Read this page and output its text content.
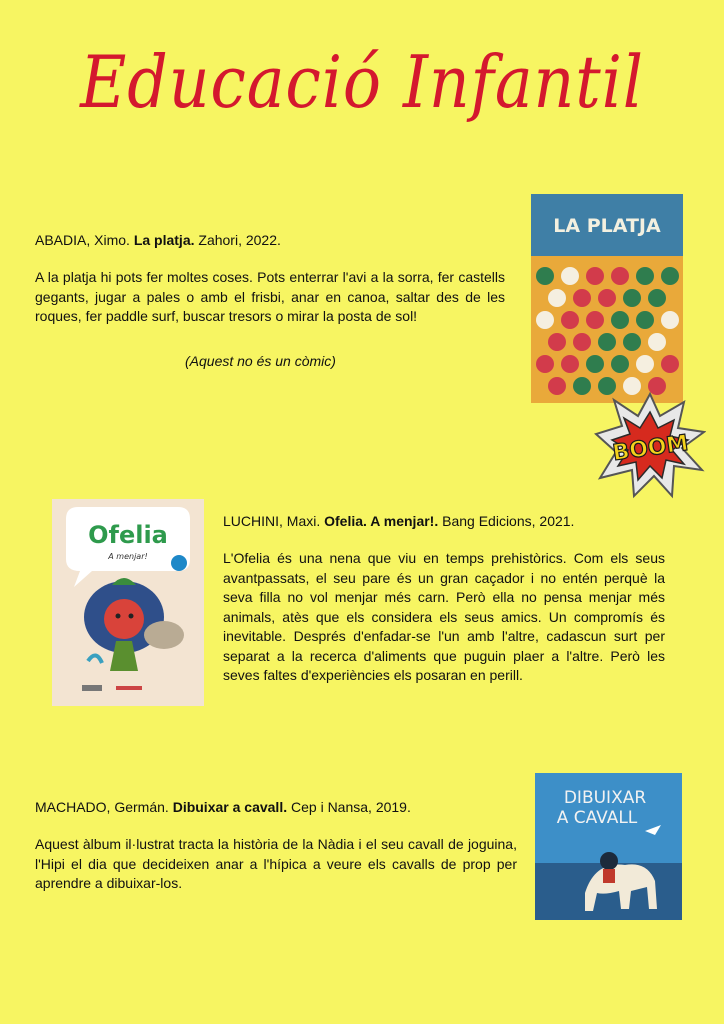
Educació Infantil

ABADIA, Ximo. La platja. Zahori, 2022.

A la platja hi pots fer moltes coses. Pots enterrar l'avi a la sorra, fer castells gegants, jugar a pales o amb el frisbi, anar en canoa, saltar des de les roques, fer paddle surf, buscar tresors o mirar la posta de sol!

(Aquest no és un còmic)
LA PLATJA
BOOM
Ofelia
A menjar!

LUCHINI, Maxi. Ofelia. A menjar!. Bang Edicions, 2021.

L'Ofelia és una nena que viu en temps prehistòrics. Com els seus avantpassats, el seu pare és un gran caçador i no entén perquè la seva filla no vol menjar més carn. Però ella no pensa menjar més animals, atès que els considera els seus amics. Un compromís és inevitable. Després d'enfadar-se l'un amb l'altre, cadascun surt per separat a la recerca d'aliments que puguin plaer a l'altre. Però les seves faltes d'experiències els posaran en perill.

MACHADO, Germán. Dibuixar a cavall. Cep i Nansa, 2019.

Aquest àlbum il·lustrat tracta la història de la Nàdia i el seu cavall de joguina, l'Hipi el dia que decideixen anar a l'hípica a veure els cavalls de prop per aprendre a dibuixar-los.

DIBUIXAR
A CAVALL
